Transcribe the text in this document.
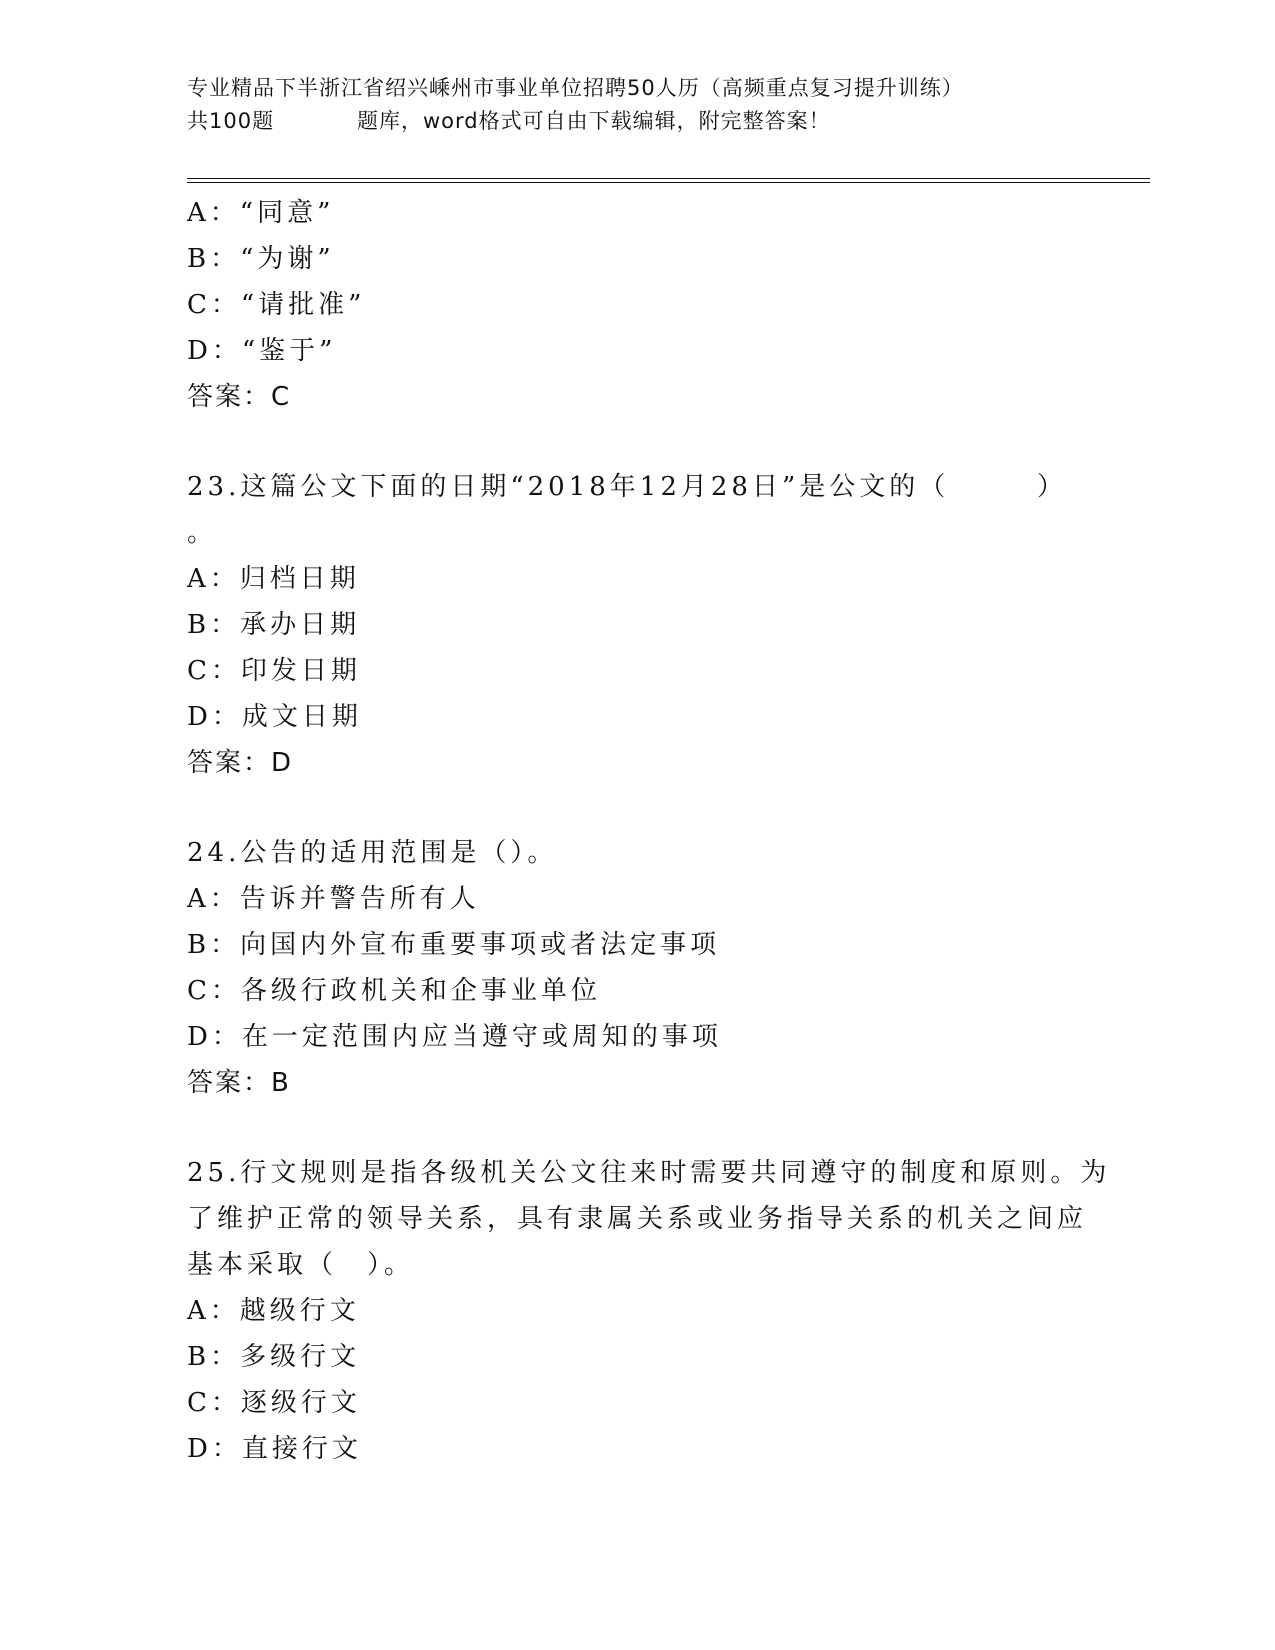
专业精品下半浙江省绍兴嵊州市事业单位招聘50人历（高频重点复习提升训练）
共100题	题库，word格式可自由下载编辑，附完整答案！
A：“同意”
B：“为谢”
C：“请批准”
D：“鉴于”
答案：C
23.这篇公文下面的日期“2018年12月28日”是公文的（	）
。
A：归档日期
B：承办日期
C：印发日期
D：成文日期
答案：D
24.公告的适用范围是（）。
A：告诉并警告所有人
B：向国内外宣布重要事项或者法定事项
C：各级行政机关和企事业单位
D：在一定范围内应当遵守或周知的事项
答案：B
25.行文规则是指各级机关公文往来时需要共同遵守的制度和原则。为
了维护正常的领导关系，具有隶属关系或业务指导关系的机关之间应
基本采取（　）。
A：越级行文
B：多级行文
C：逐级行文
D：直接行文
